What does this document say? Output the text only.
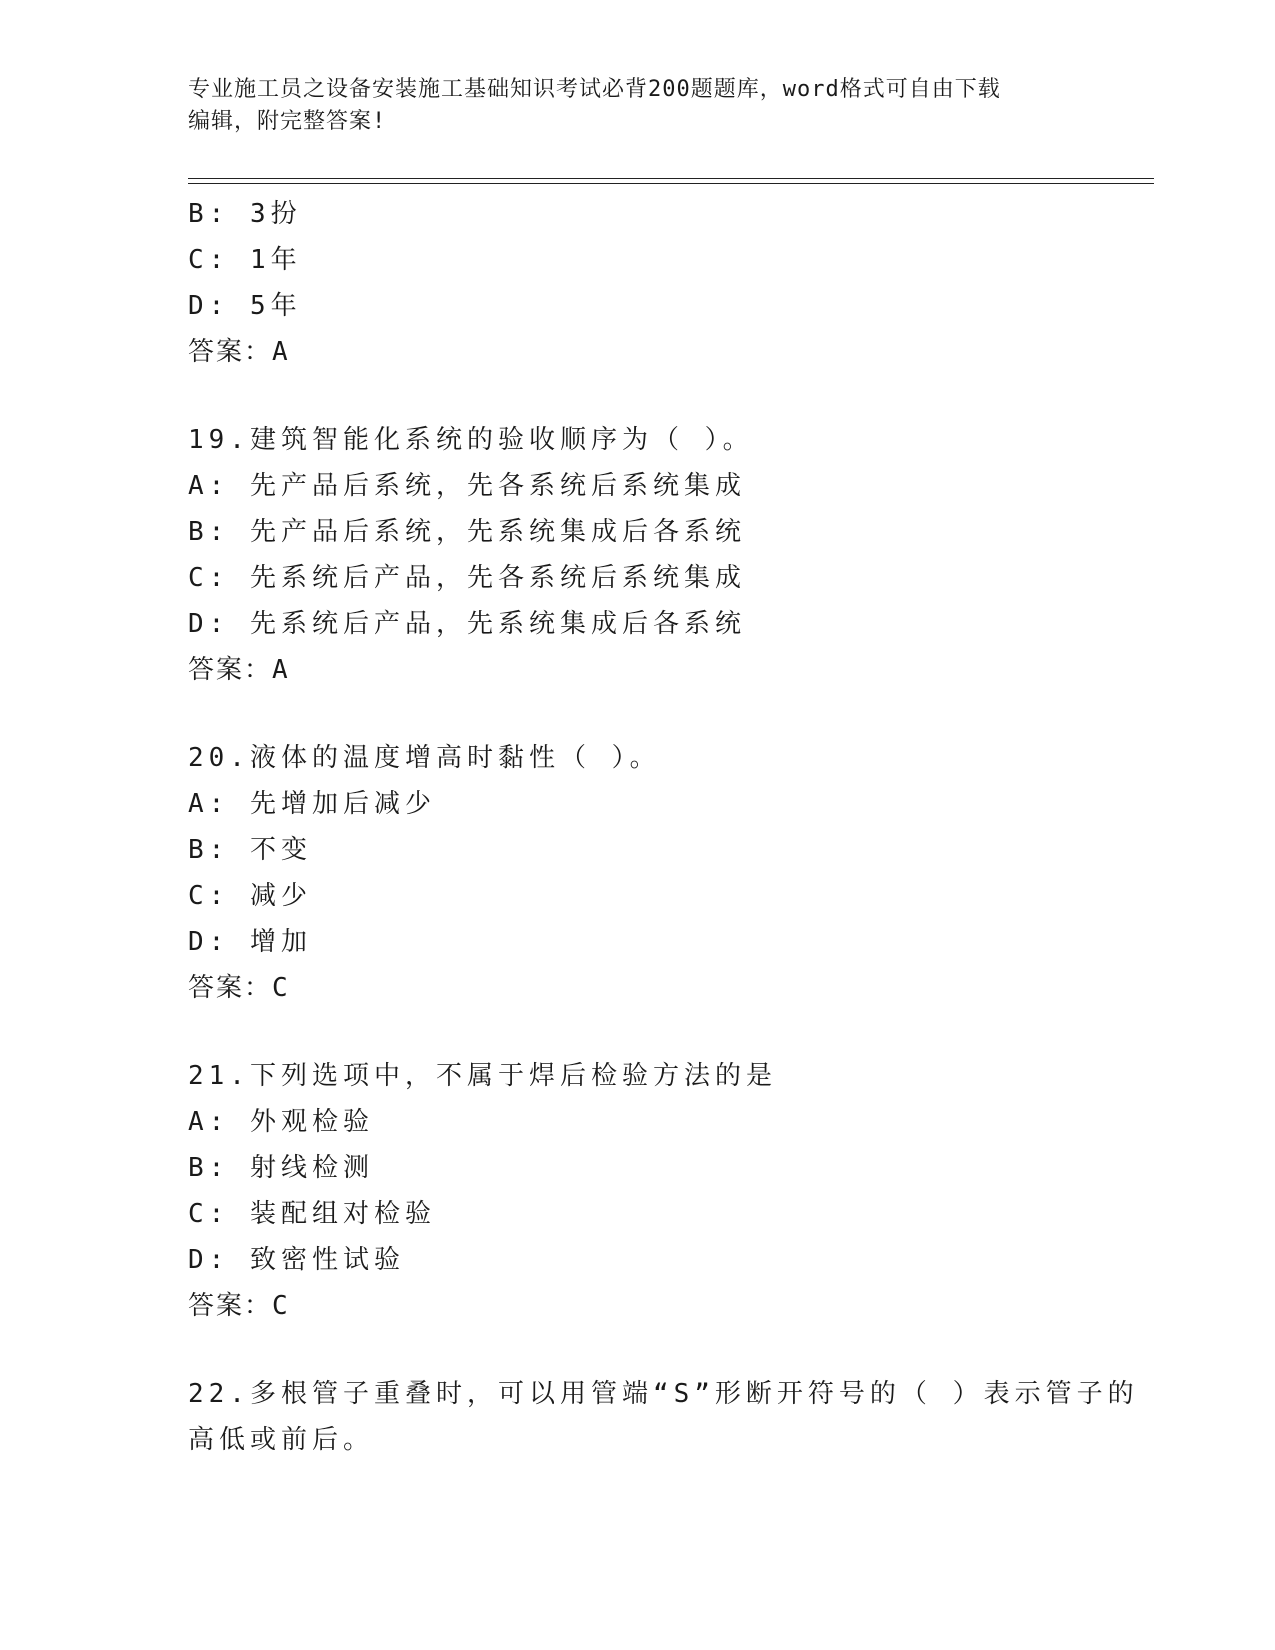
专业施工员之设备安装施工基础知识考试必背200题题库，word格式可自由下载
编辑，附完整答案!
B: 3扮
C: 1年
D: 5年
答案：A
19.建筑智能化系统的验收顺序为（ ）。
A: 先产品后系统，先各系统后系统集成
B: 先产品后系统，先系统集成后各系统
C: 先系统后产品，先各系统后系统集成
D: 先系统后产品，先系统集成后各系统
答案：A
20.液体的温度增高时黏性（ ）。
A: 先增加后减少
B: 不变
C: 减少
D: 增加
答案：C
21.下列选项中，不属于焊后检验方法的是
A: 外观检验
B: 射线检测
C: 装配组对检验
D: 致密性试验
答案：C
22.多根管子重叠时，可以用管端“S”形断开符号的（ ）表示管子的
高低或前后。
